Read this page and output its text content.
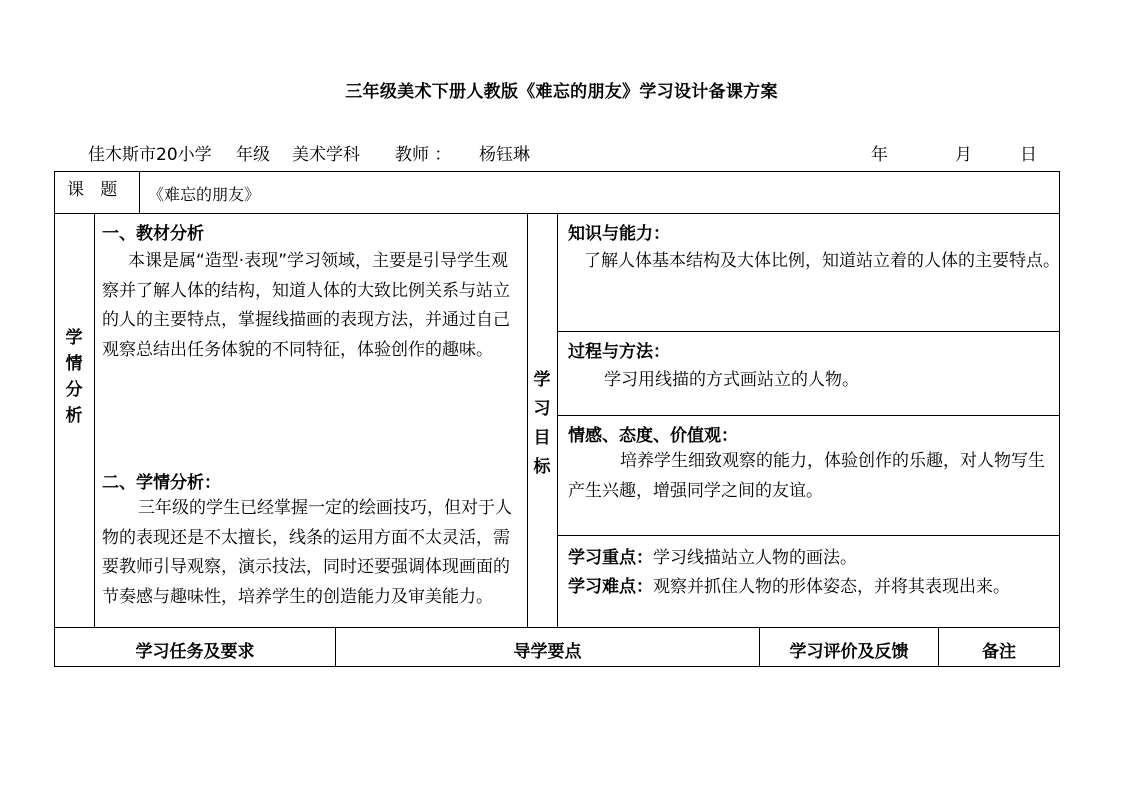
三年级美术下册人教版《难忘的朋友》学习设计备课方案
佳木斯市20小学 年级 美术学科 教师 ： 杨钰琳	年	月	日
课   题 《难忘的朋友》
学情分析
一、教材分析
本课是属“造型·表现”学习领域，主要是引导学生观察并了解人体的结构，知道人体的大致比例关系与站立的人的主要特点，掌握线描画的表现方法，并通过自己观察总结出任务体貌的不同特征，体验创作的趣味。
二、学情分析：
三年级的学生已经掌握一定的绘画技巧，但对于人物的表现还是不太擅长，线条的运用方面不太灵活，需要教师引导观察，演示技法，同时还要强调体现画面的节奏感与趣味性，培养学生的创造能力及审美能力。
学习目标
知识与能力：
了解人体基本结构及大体比例，知道站立着的人体的主要特点。
过程与方法：
学习用线描的方式画站立的人物。
情感、态度、价值观：
培养学生细致观察的能力，体验创作的乐趣，对人物写生产生兴趣，增强同学之间的友谊。
学习重点：学习线描站立人物的画法。
学习难点：观察并抓住人物的形体姿态，并将其表现出来。
学习任务及要求	导学要点	学习评价及反馈	备注
